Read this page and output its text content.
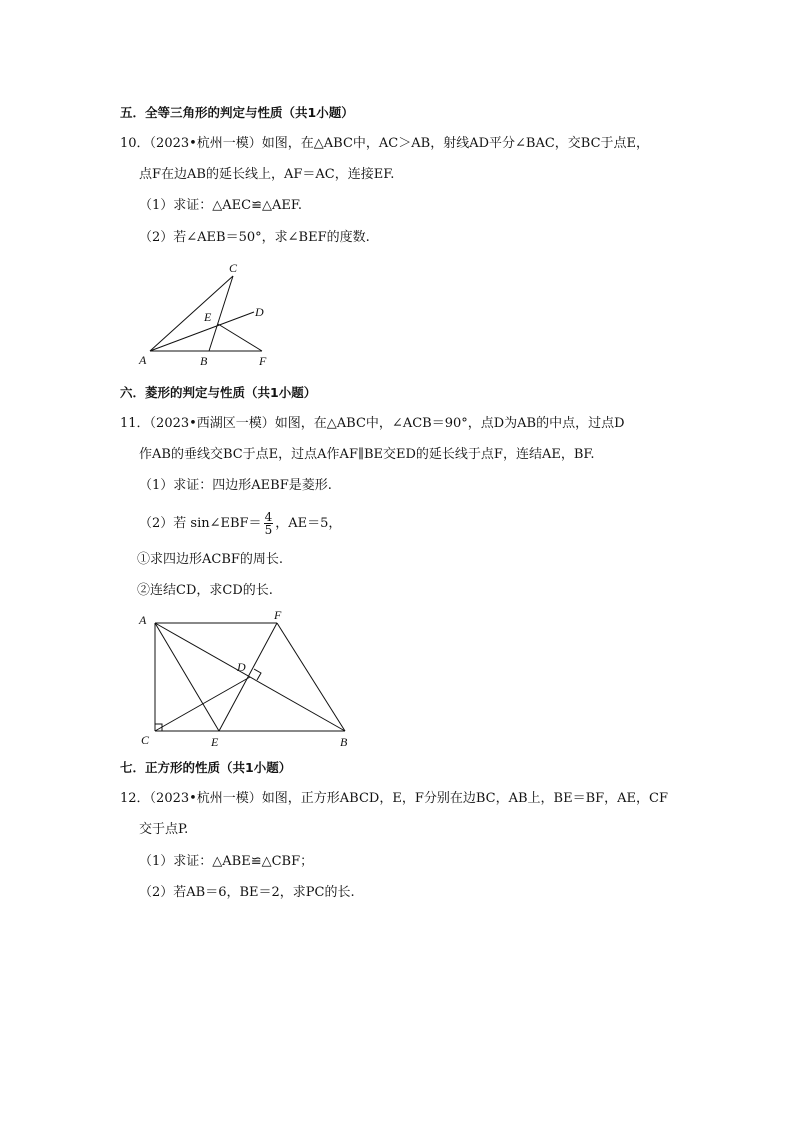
五．全等三角形的判定与性质（共1小题）
10．（2023•杭州一模）如图，在△ABC中，AC＞AB，射线AD平分∠BAC，交BC于点E，
点F在边AB的延长线上，AF＝AC，连接EF.
（1）求证：△AEC≌△AEF.
（2）若∠AEB＝50°，求∠BEF的度数.
C
E	D
A	B	F
六．菱形的判定与性质（共1小题）
11．（2023•西湖区一模）如图，在△ABC中，∠ACB＝90°，点D为AB的中点，过点D
作AB的垂线交BC于点E，过点A作AF∥BE交ED的延长线于点F，连结AE，BF.
（1）求证：四边形AEBF是菱形.
（2）若 sin∠EBF＝ $\frac{4}{5}$ ，AE＝5，
①求四边形ACBF的周长.
②连结CD，求CD的长.
A	F
D
C	E	B
七．正方形的性质（共1小题）
12．（2023•杭州一模）如图，正方形ABCD，E，F分别在边BC，AB上，BE＝BF，AE，CF
交于点P.
（1）求证：△ABE≌△CBF；
（2）若AB＝6，BE＝2，求PC的长.
